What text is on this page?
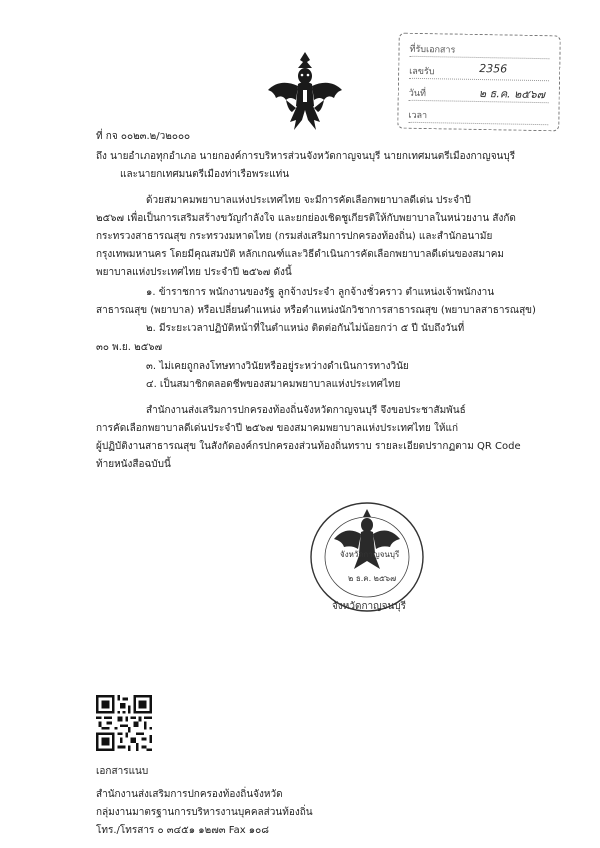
ที่รับเอกสาร
เลขรับ	2356
วันที่	๒ ธ.ค. ๒๕๖๗
เวลา
ที่ กจ ๐๐๒๓.๒/ว๒๐๐๐
ถึง นายอำเภอทุกอำเภอ นายกองค์การบริหารส่วนจังหวัดกาญจนบุรี นายกเทศมนตรีเมืองกาญจนบุรี
และนายกเทศมนตรีเมืองท่าเรือพระแท่น
ด้วยสมาคมพยาบาลแห่งประเทศไทย จะมีการคัดเลือกพยาบาลดีเด่น ประจำปี
๒๕๖๗ เพื่อเป็นการเสริมสร้างขวัญกำลังใจ และยกย่องเชิดชูเกียรติให้กับพยาบาลในหน่วยงาน สังกัด
กระทรวงสาธารณสุข กระทรวงมหาดไทย (กรมส่งเสริมการปกครองท้องถิ่น) และสำนักอนามัย
กรุงเทพมหานคร โดยมีคุณสมบัติ หลักเกณฑ์และวิธีดำเนินการคัดเลือกพยาบาลดีเด่นของสมาคม
พยาบาลแห่งประเทศไทย ประจำปี ๒๕๖๗ ดังนี้
๑. ข้าราชการ พนักงานของรัฐ ลูกจ้างประจำ ลูกจ้างชั่วคราว ตำแหน่งเจ้าพนักงาน
สาธารณสุข (พยาบาล) หรือเปลี่ยนตำแหน่ง หรือตำแหน่งนักวิชาการสาธารณสุข (พยาบาลสาธารณสุข)
๒. มีระยะเวลาปฏิบัติหน้าที่ในตำแหน่ง ติดต่อกันไม่น้อยกว่า ๕ ปี นับถึงวันที่
๓๐ พ.ย. ๒๕๖๗
๓. ไม่เคยถูกลงโทษทางวินัยหรืออยู่ระหว่างดำเนินการทางวินัย
๔. เป็นสมาชิกตลอดชีพของสมาคมพยาบาลแห่งประเทศไทย
สำนักงานส่งเสริมการปกครองท้องถิ่นจังหวัดกาญจนบุรี จึงขอประชาสัมพันธ์
การคัดเลือกพยาบาลดีเด่นประจำปี ๒๕๖๗ ของสมาคมพยาบาลแห่งประเทศไทย ให้แก่
ผู้ปฏิบัติงานสาธารณสุข ในสังกัดองค์กรปกครองส่วนท้องถิ่นทราบ รายละเอียดปรากฏตาม QR Code
ท้ายหนังสือฉบับนี้
จังหวัดกาญจนบุรี
๒ ธ.ค. ๒๕๖๗
จังหวัดกาญจนบุรี
เอกสารแนบ
สำนักงานส่งเสริมการปกครองท้องถิ่นจังหวัด
กลุ่มงานมาตรฐานการบริหารงานบุคคลส่วนท้องถิ่น
โทร./โทรสาร ๐ ๓๔๕๑ ๑๒๗๓ Fax ๑๐๘
